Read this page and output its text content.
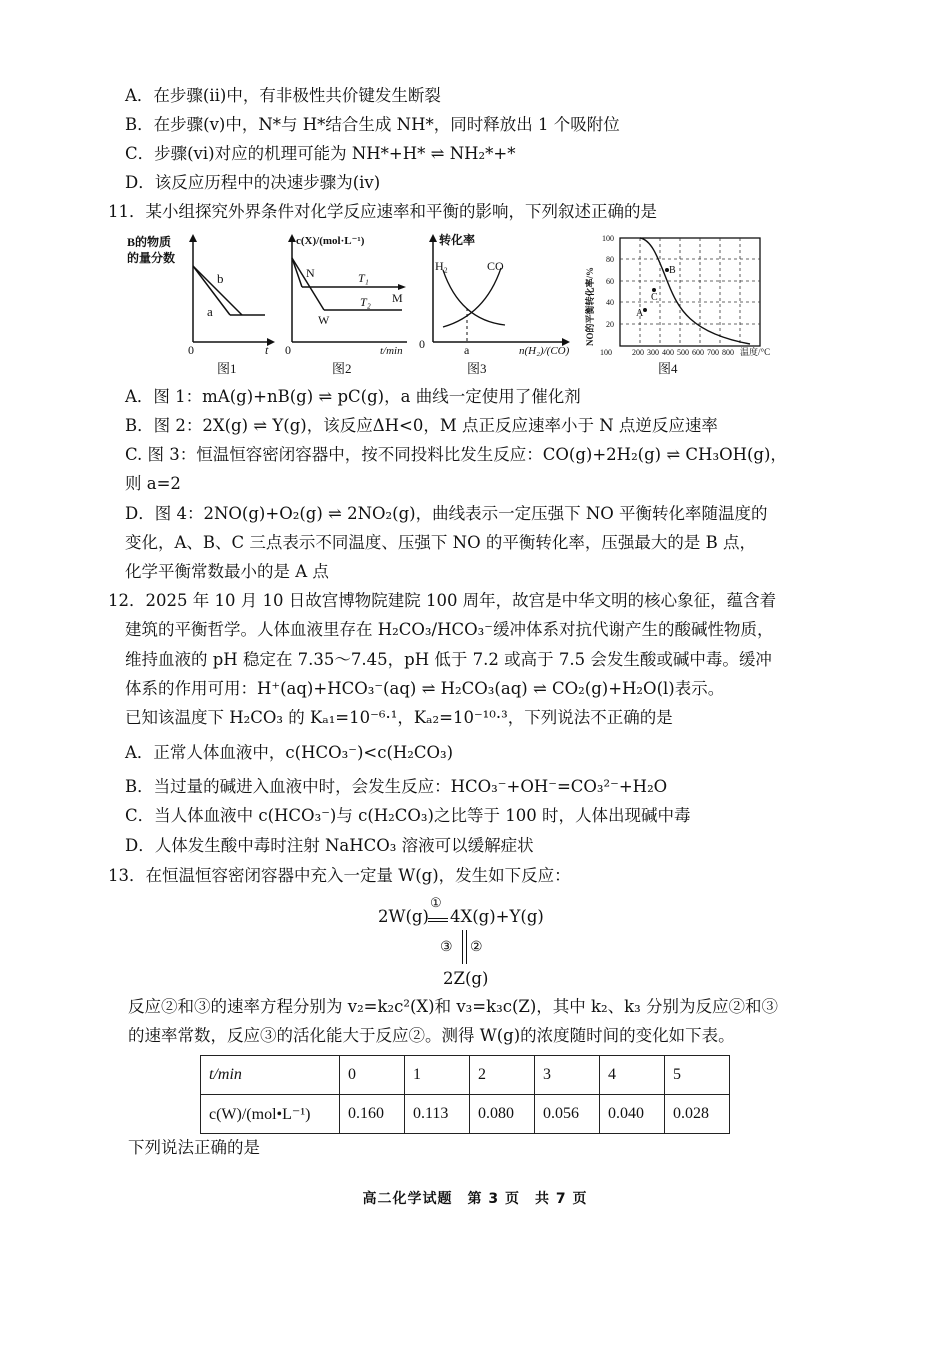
A．在步骤(ⅱ)中，有非极性共价键发生断裂
B．在步骤(ⅴ)中，N*与 H*结合生成 NH*，同时释放出 1 个吸附位
C．步骤(ⅵ)对应的机理可能为 NH*+H* ⇌ NH₂*+*
D．该反应历程中的决速步骤为(ⅳ)
11．某小组探究外界条件对化学反应速率和平衡的影响，下列叙述正确的是
B的物质
的量分数
b
a
0	t
图1
c(X)/(mol·L⁻¹)
N	T₁
M
T₂
W
0	t/min
图2
转化率
H₂	CO
0	a	n(H₂)/(CO)
图3
B
C
A
100
80
60
40
20
NO的平衡转化率/%
100	200 300 400 500 600 700 800 温度/°C
图4
A．图 1：mA(g)+nB(g) ⇌ pC(g)，a 曲线一定使用了催化剂
B．图 2：2X(g) ⇌ Y(g)，该反应ΔH<0，M 点正反应速率小于 N 点逆反应速率
C. 图 3：恒温恒容密闭容器中，按不同投料比发生反应：CO(g)+2H₂(g) ⇌ CH₃OH(g)，
则 a=2
D．图 4：2NO(g)+O₂(g) ⇌ 2NO₂(g)，曲线表示一定压强下 NO 平衡转化率随温度的
变化，A、B、C 三点表示不同温度、压强下 NO 的平衡转化率，压强最大的是 B 点，
化学平衡常数最小的是 A 点
12．2025 年 10 月 10 日故宫博物院建院 100 周年，故宫是中华文明的核心象征，蕴含着
建筑的平衡哲学。人体血液里存在 H₂CO₃/HCO₃⁻缓冲体系对抗代谢产生的酸碱性物质，
维持血液的 pH 稳定在 7.35～7.45，pH 低于 7.2 或高于 7.5 会发生酸或碱中毒。缓冲
体系的作用可用：H⁺(aq)+HCO₃⁻(aq) ⇌ H₂CO₃(aq) ⇌ CO₂(g)+H₂O(l)表示。
已知该温度下 H₂CO₃ 的 Kₐ₁=10⁻⁶·¹，Kₐ₂=10⁻¹⁰·³，下列说法不正确的是
A．正常人体血液中，c(HCO₃⁻)<c(H₂CO₃)
B．当过量的碱进入血液中时，会发生反应：HCO₃⁻+OH⁻=CO₃²⁻+H₂O
C．当人体血液中 c(HCO₃⁻)与 c(H₂CO₃)之比等于 100 时，人体出现碱中毒
D．人体发生酸中毒时注射 NaHCO₃ 溶液可以缓解症状
13．在恒温恒容密闭容器中充入一定量 W(g)，发生如下反应：
2W(g)
①
4X(g)+Y(g)
③ ②
2Z(g)
反应②和③的速率方程分别为 v₂=k₂c²(X)和 v₃=k₃c(Z)，其中 k₂、k₃ 分别为反应②和③
的速率常数，反应③的活化能大于反应②。测得 W(g)的浓度随时间的变化如下表。
t/min	0	1	2	3	4	5
c(W)/(mol•L⁻¹)	0.160	0.113	0.080	0.056	0.040	0.028
下列说法正确的是
高二化学试题　第 3 页　共 7 页
